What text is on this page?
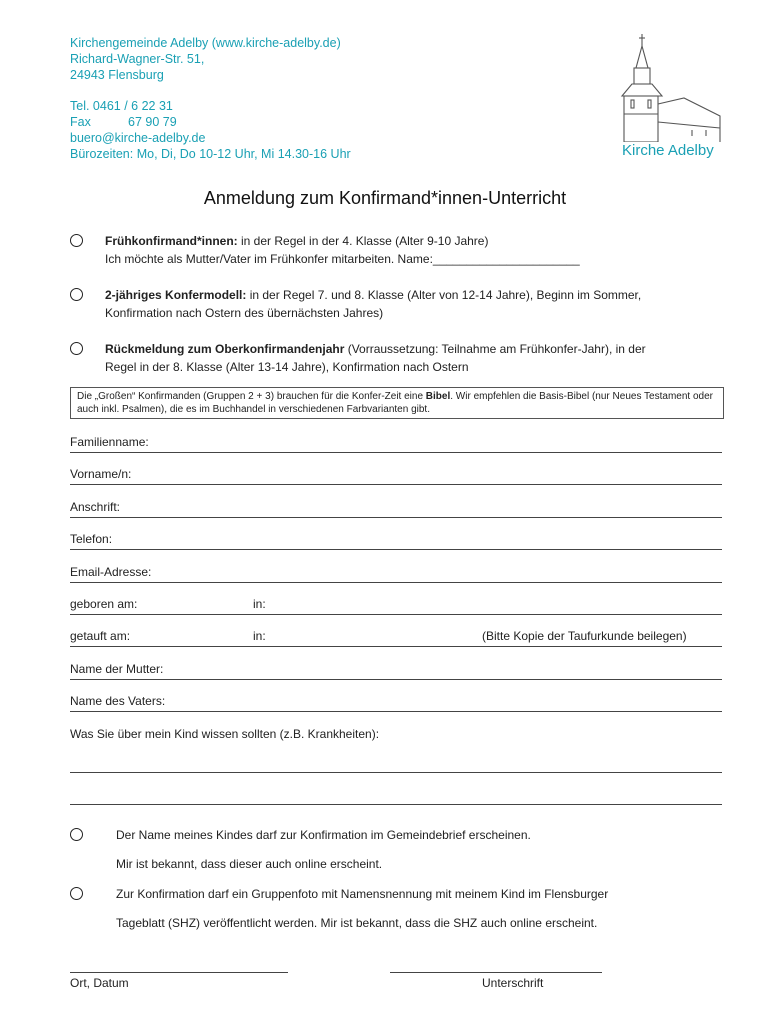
Kirchengemeinde Adelby (www.kirche-adelby.de)
Richard-Wagner-Str. 51,
24943 Flensburg
Tel. 0461 / 6 22 31
Fax	67 90 79
buero@kirche-adelby.de
Bürozeiten: Mo, Di, Do 10-12 Uhr, Mi 14.30-16 Uhr	Kirche Adelby
Anmeldung zum Konfirmand*innen-Unterricht
Frühkonfirmand*innen: in der Regel in der 4. Klasse (Alter 9-10 Jahre)
Ich möchte als Mutter/Vater im Frühkonfer mitarbeiten. Name:______________________
2-jähriges Konfermodell: in der Regel 7. und 8. Klasse (Alter von 12-14 Jahre), Beginn im Sommer,
Konfirmation nach Ostern des übernächsten Jahres)
Rückmeldung zum Oberkonfirmandenjahr (Vorraussetzung: Teilnahme am Frühkonfer-Jahr), in der
Regel in der 8. Klasse (Alter 13-14 Jahre), Konfirmation nach Ostern
Die „Großen“ Konfirmanden (Gruppen 2 + 3) brauchen für die Konfer-Zeit eine Bibel. Wir empfehlen die Basis-Bibel (nur Neues Testament oder auch inkl. Psalmen), die es im Buchhandel in verschiedenen Farbvarianten gibt.
Familienname:
Vorname/n:
Anschrift:
Telefon:
Email-Adresse:
geboren am:	in:
getauft am:	in:	(Bitte Kopie der Taufurkunde beilegen)
Name der Mutter:
Name des Vaters:
Was Sie über mein Kind wissen sollten (z.B. Krankheiten):
Der Name meines Kindes darf zur Konfirmation im Gemeindebrief erscheinen.
Mir ist bekannt, dass dieser auch online erscheint.
Zur Konfirmation darf ein Gruppenfoto mit Namensnennung mit meinem Kind im Flensburger
Tageblatt (SHZ) veröffentlicht werden. Mir ist bekannt, dass die SHZ auch online erscheint.
Ort, Datum	Unterschrift
